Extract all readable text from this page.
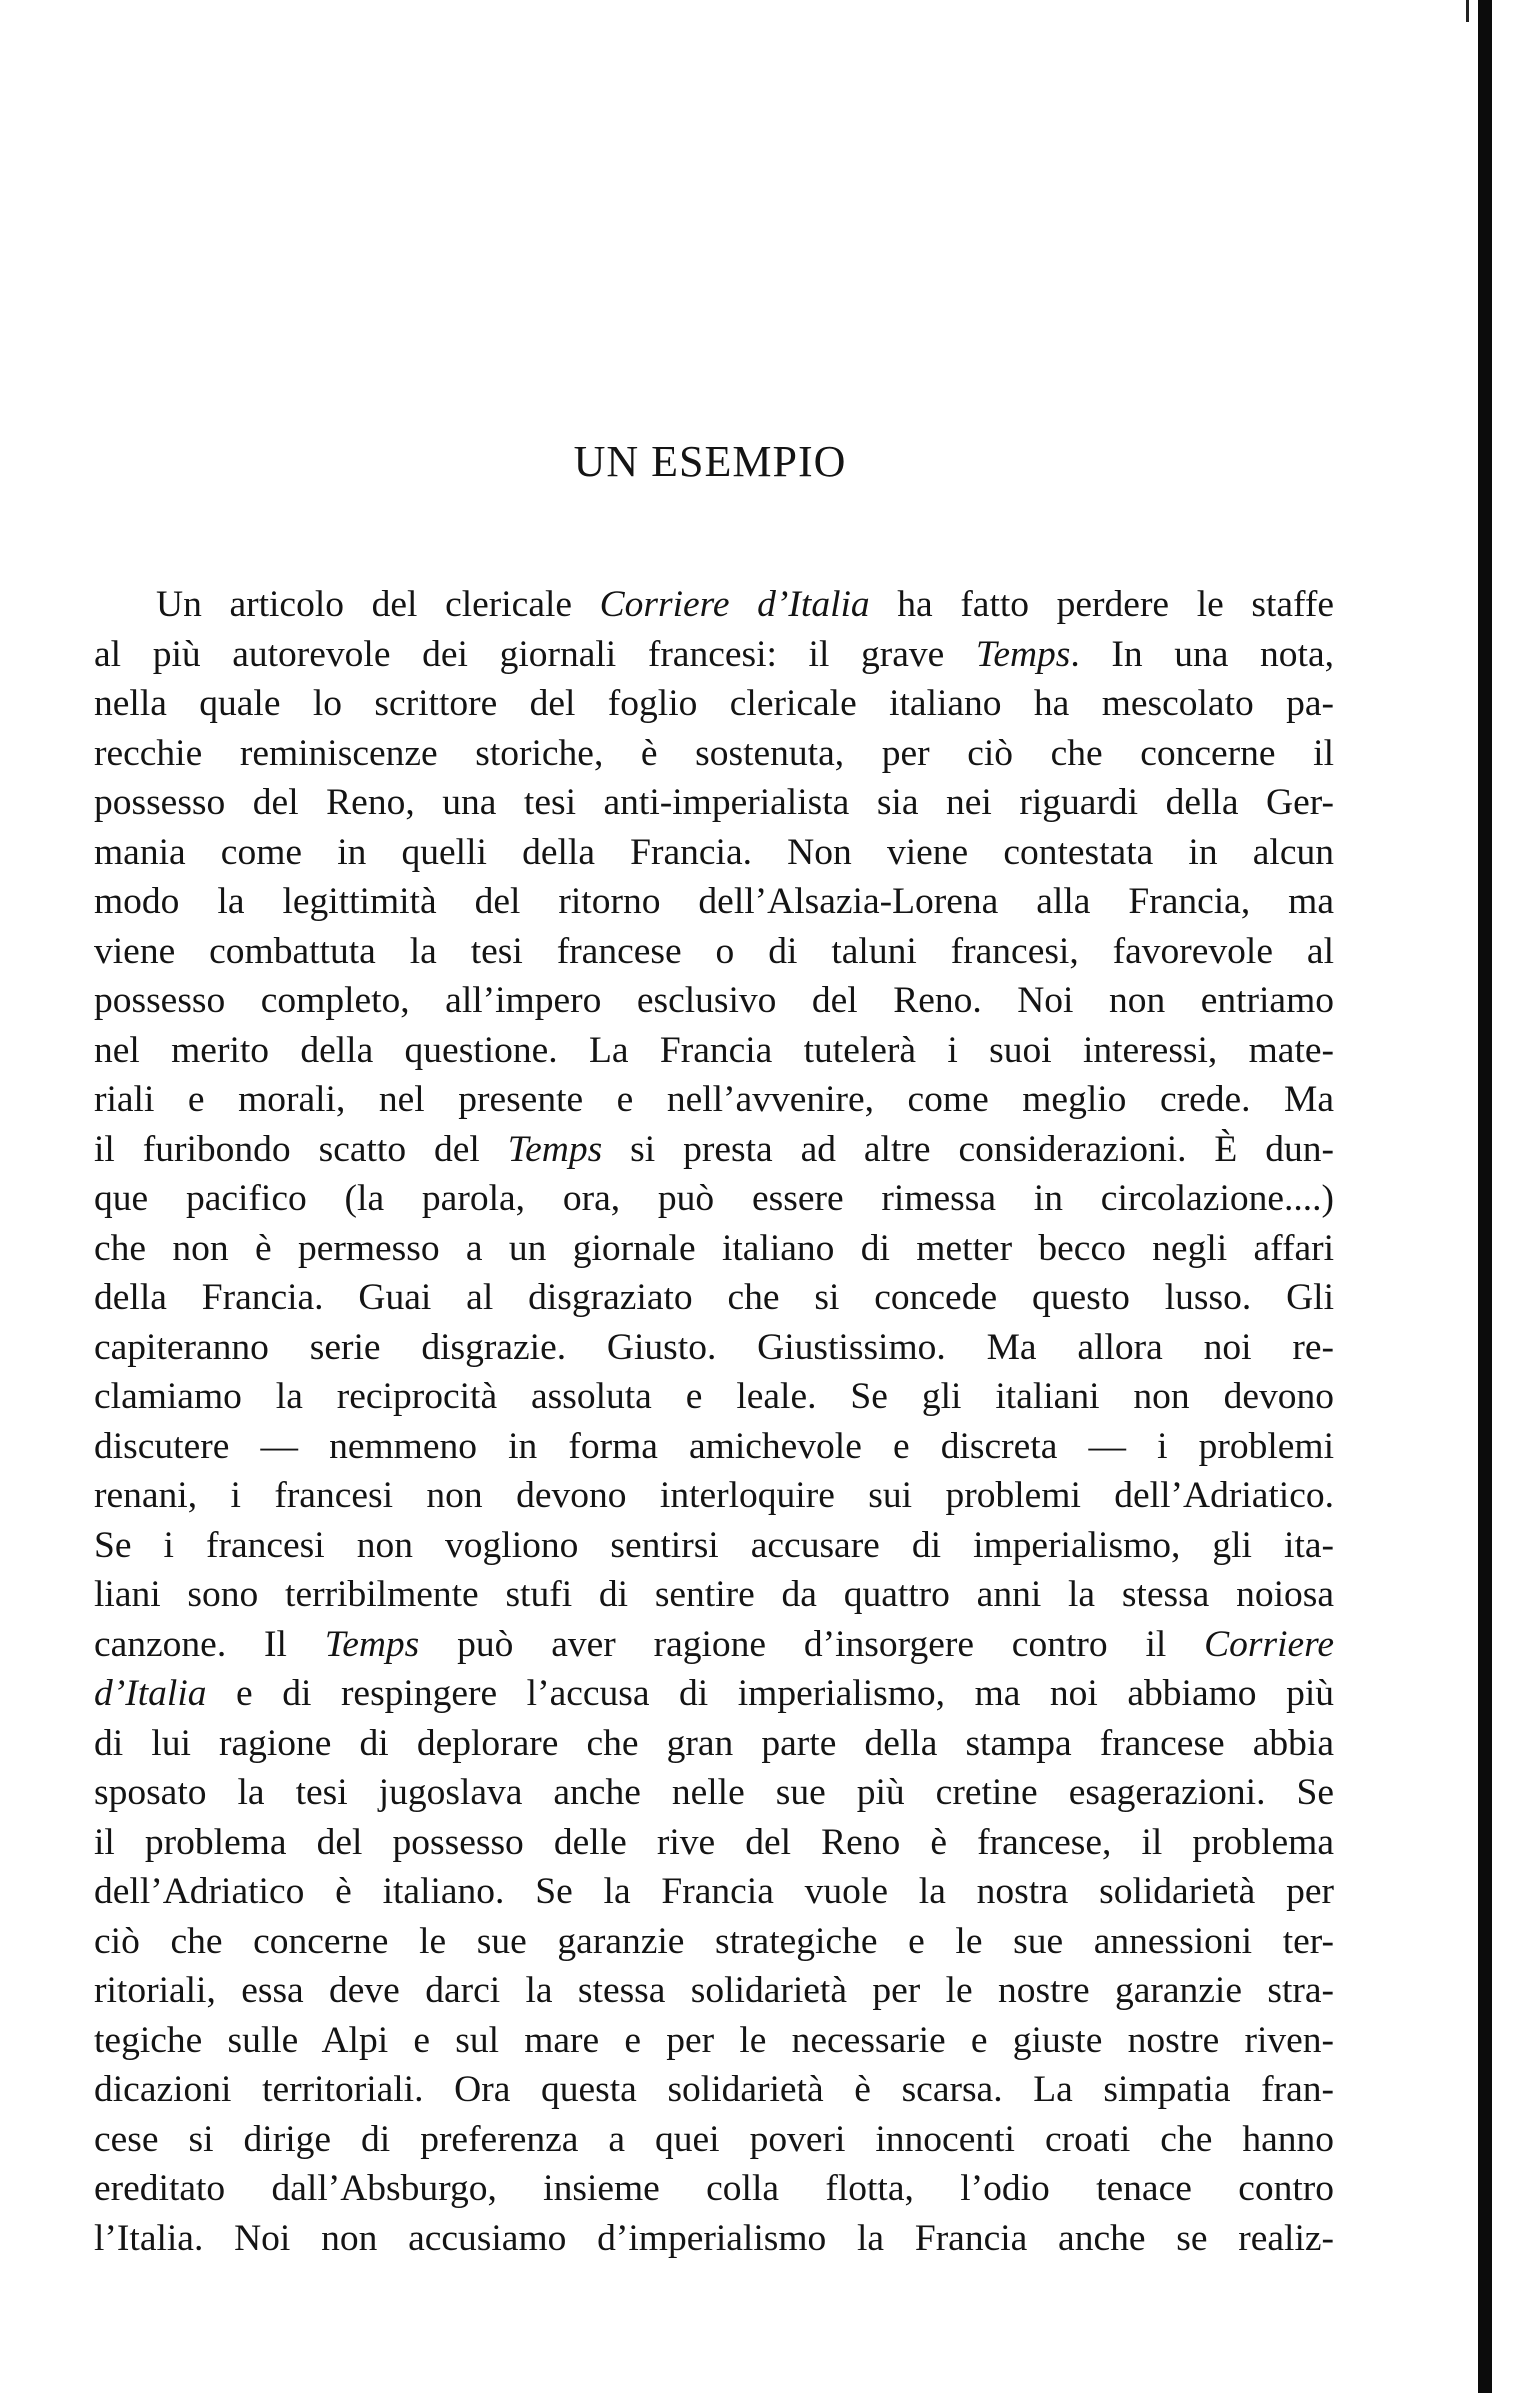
UN ESEMPIO
Un articolo del clericale Corriere d’Italia ha fatto perdere le staffe
al più autorevole dei giornali francesi: il grave Temps. In una nota,
nella quale lo scrittore del foglio clericale italiano ha mescolato pa-
recchie reminiscenze storiche, è sostenuta, per ciò che concerne il
possesso del Reno, una tesi anti-imperialista sia nei riguardi della Ger-
mania come in quelli della Francia. Non viene contestata in alcun
modo la legittimità del ritorno dell’Alsazia-Lorena alla Francia, ma
viene combattuta la tesi francese o di taluni francesi, favorevole al
possesso completo, all’impero esclusivo del Reno. Noi non entriamo
nel merito della questione. La Francia tutelerà i suoi interessi, mate-
riali e morali, nel presente e nell’avvenire, come meglio crede. Ma
il furibondo scatto del Temps si presta ad altre considerazioni. È dun-
que pacifico (la parola, ora, può essere rimessa in circolazione....)
che non è permesso a un giornale italiano di metter becco negli affari
della Francia. Guai al disgraziato che si concede questo lusso. Gli
capiteranno serie disgrazie. Giusto. Giustissimo. Ma allora noi re-
clamiamo la reciprocità assoluta e leale. Se gli italiani non devono
discutere — nemmeno in forma amichevole e discreta — i problemi
renani, i francesi non devono interloquire sui problemi dell’Adriatico.
Se i francesi non vogliono sentirsi accusare di imperialismo, gli ita-
liani sono terribilmente stufi di sentire da quattro anni la stessa noiosa
canzone. Il Temps può aver ragione d’insorgere contro il Corriere
d’Italia e di respingere l’accusa di imperialismo, ma noi abbiamo più
di lui ragione di deplorare che gran parte della stampa francese abbia
sposato la tesi jugoslava anche nelle sue più cretine esagerazioni. Se
il problema del possesso delle rive del Reno è francese, il problema
dell’Adriatico è italiano. Se la Francia vuole la nostra solidarietà per
ciò che concerne le sue garanzie strategiche e le sue annessioni ter-
ritoriali, essa deve darci la stessa solidarietà per le nostre garanzie stra-
tegiche sulle Alpi e sul mare e per le necessarie e giuste nostre riven-
dicazioni territoriali. Ora questa solidarietà è scarsa. La simpatia fran-
cese si dirige di preferenza a quei poveri innocenti croati che hanno
ereditato dall’Absburgo, insieme colla flotta, l’odio tenace contro
l’Italia. Noi non accusiamo d’imperialismo la Francia anche se realiz-
